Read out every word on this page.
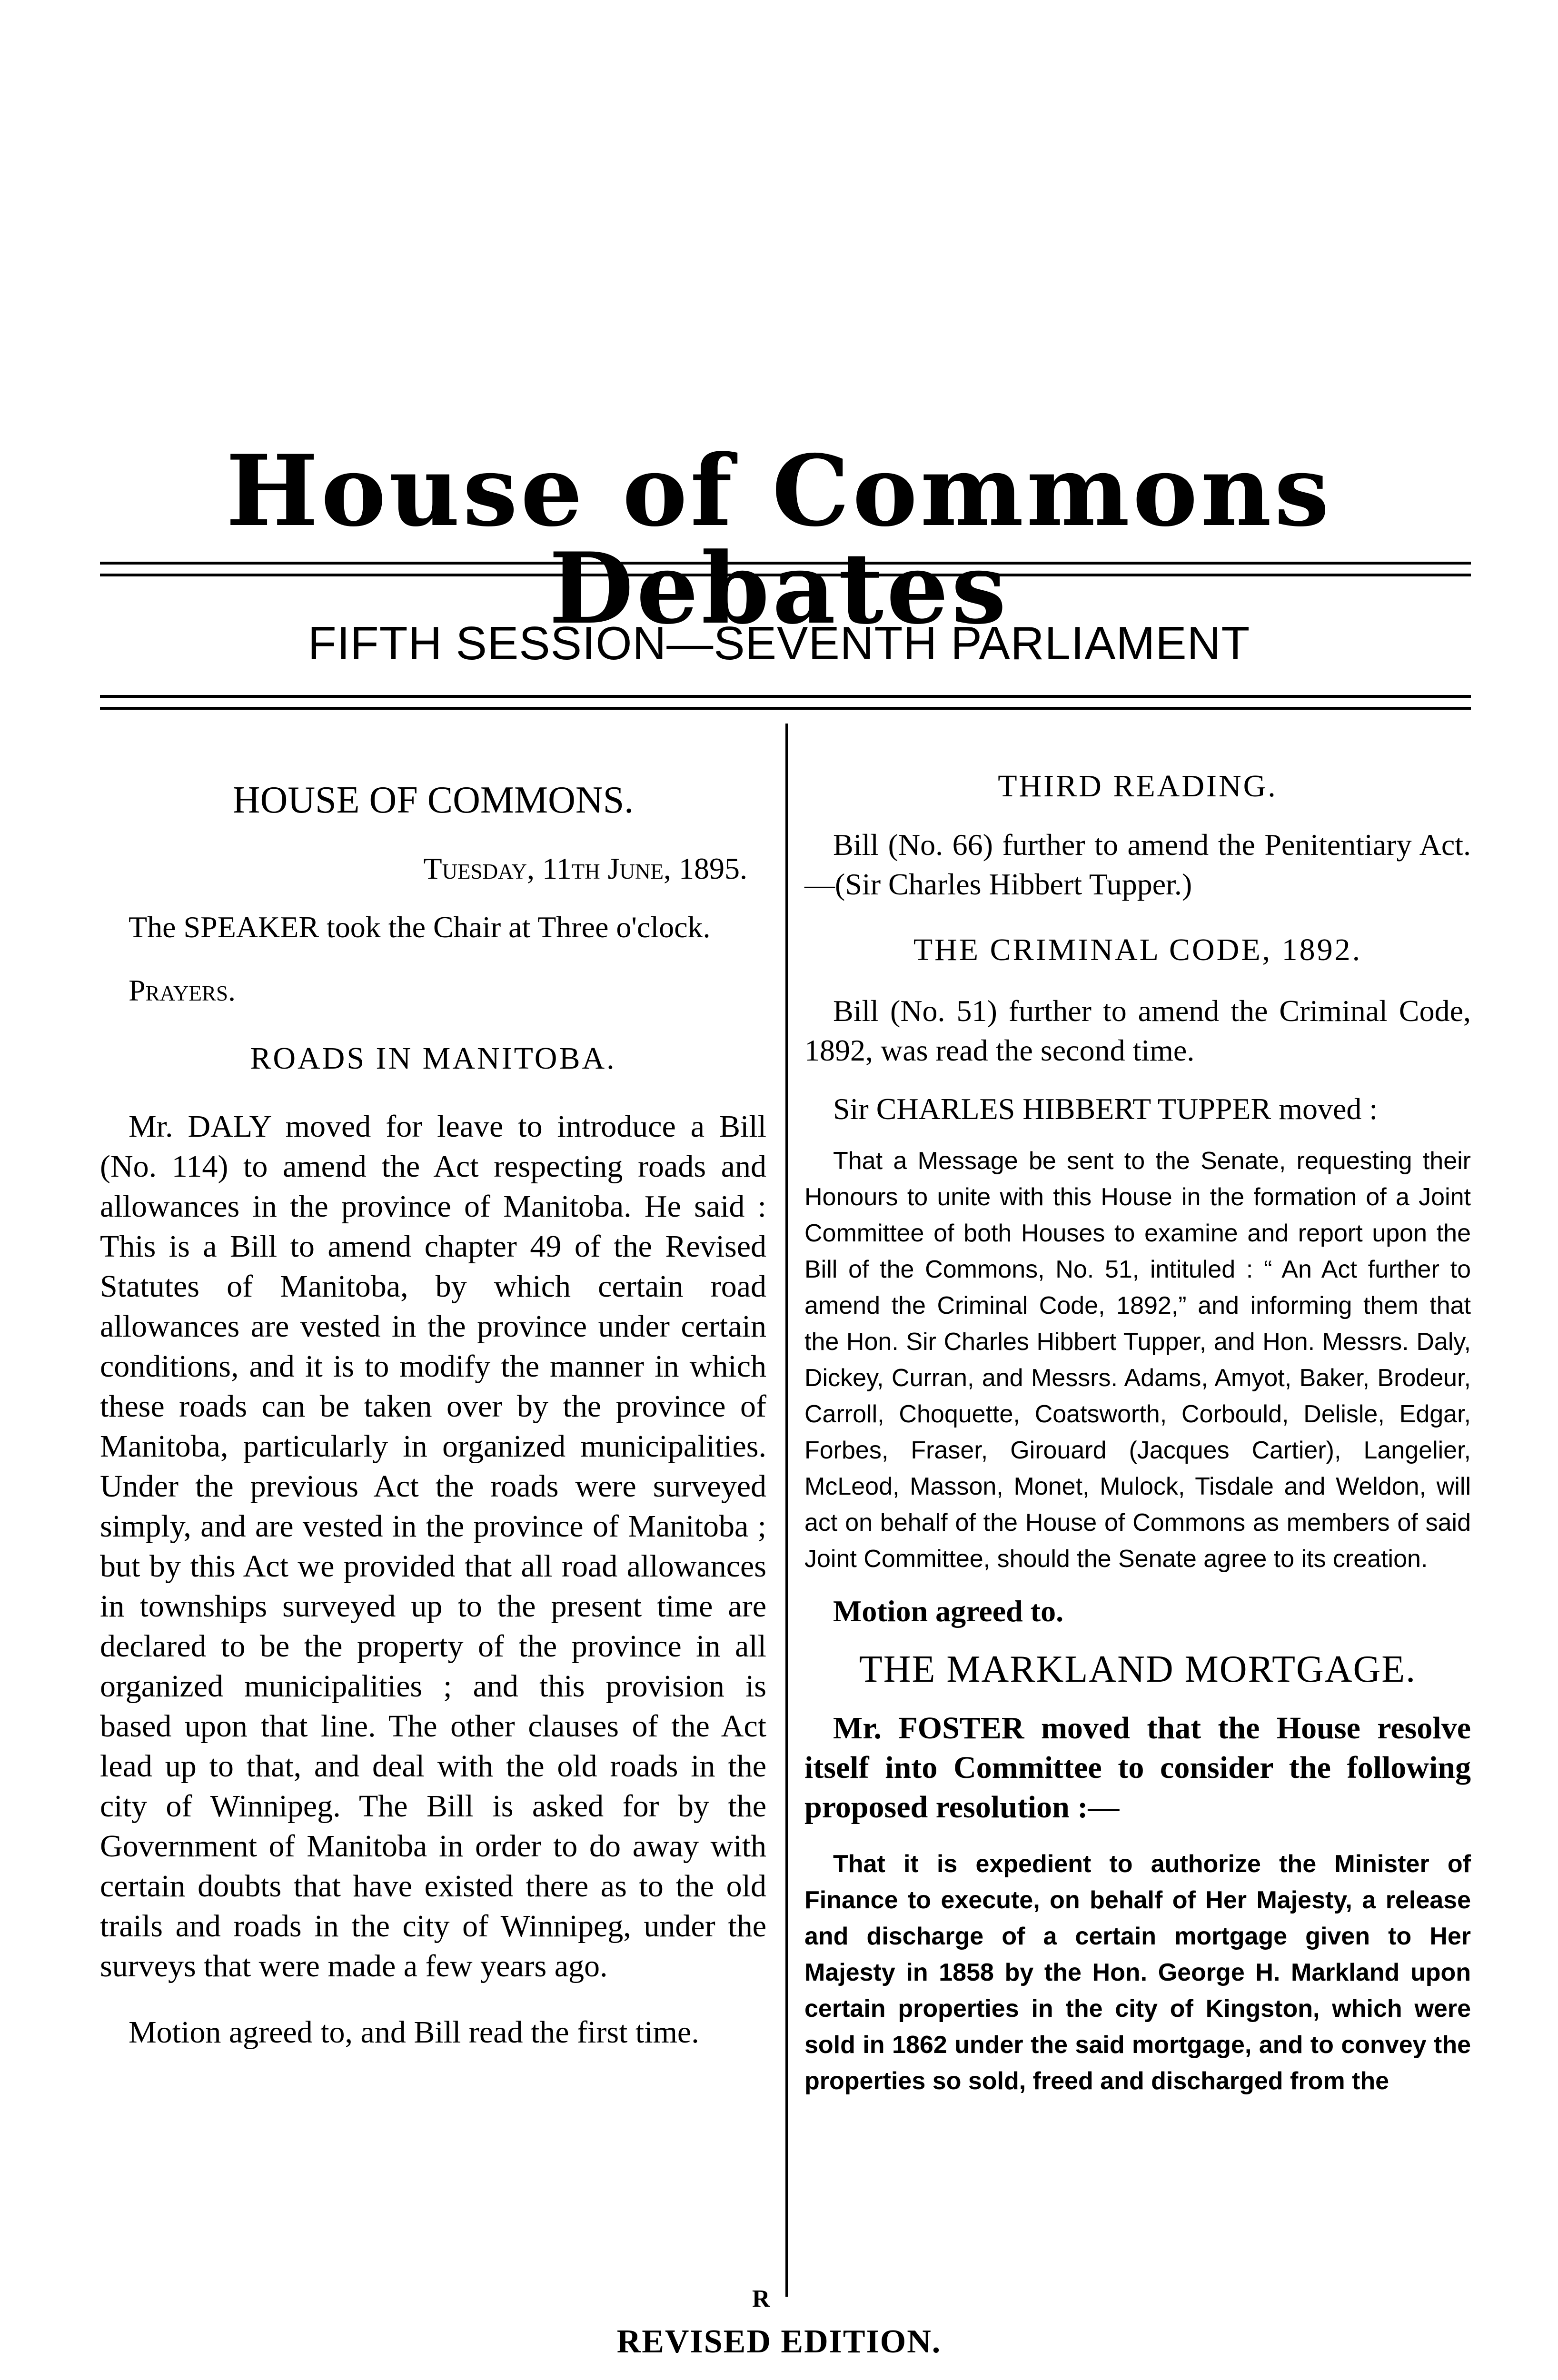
House of Commons Debates
FIFTH SESSION—SEVENTH PARLIAMENT
HOUSE OF COMMONS.
Tuesday, 11th June, 1895.

The SPEAKER took the Chair at Three o'clock.

Prayers.
ROADS IN MANITOBA.

Mr. DALY moved for leave to introduce a Bill (No. 114) to amend the Act respecting roads and allowances in the province of Manitoba. He said : This is a Bill to amend chapter 49 of the Revised Statutes of Manitoba, by which certain road allowances are vested in the province under certain conditions, and it is to modify the manner in which these roads can be taken over by the province of Manitoba, particularly in organized municipalities. Under the previous Act the roads were surveyed simply, and are vested in the province of Manitoba ; but by this Act we provided that all road allowances in townships surveyed up to the present time are declared to be the property of the province in all organized municipalities ; and this provision is based upon that line. The other clauses of the Act lead up to that, and deal with the old roads in the city of Winnipeg. The Bill is asked for by the Government of Manitoba in order to do away with certain doubts that have existed there as to the old trails and roads in the city of Winnipeg, under the surveys that were made a few years ago.

Motion agreed to, and Bill read the first time.

THIRD READING.

Bill (No. 66) further to amend the Penitentiary Act.—(Sir Charles Hibbert Tupper.)

THE CRIMINAL CODE, 1892.

Bill (No. 51) further to amend the Criminal Code, 1892, was read the second time.

Sir CHARLES HIBBERT TUPPER moved :

That a Message be sent to the Senate, requesting their Honours to unite with this House in the formation of a Joint Committee of both Houses to examine and report upon the Bill of the Commons, No. 51, intituled : “ An Act further to amend the Criminal Code, 1892,” and informing them that the Hon. Sir Charles Hibbert Tupper, and Hon. Messrs. Daly, Dickey, Curran, and Messrs. Adams, Amyot, Baker, Brodeur, Carroll, Choquette, Coatsworth, Corbould, Delisle, Edgar, Forbes, Fraser, Girouard (Jacques Cartier), Langelier, McLeod, Masson, Monet, Mulock, Tisdale and Weldon, will act on behalf of the House of Commons as members of said Joint Committee, should the Senate agree to its creation.

Motion agreed to.

THE MARKLAND MORTGAGE.

Mr. FOSTER moved that the House resolve itself into Committee to consider the following proposed resolution :—

That it is expedient to authorize the Minister of Finance to execute, on behalf of Her Majesty, a release and discharge of a certain mortgage given to Her Majesty in 1858 by the Hon. George H. Markland upon certain properties in the city of Kingston, which were sold in 1862 under the said mortgage, and to convey the properties so sold, freed and discharged from the

R
REVISED EDITION.
